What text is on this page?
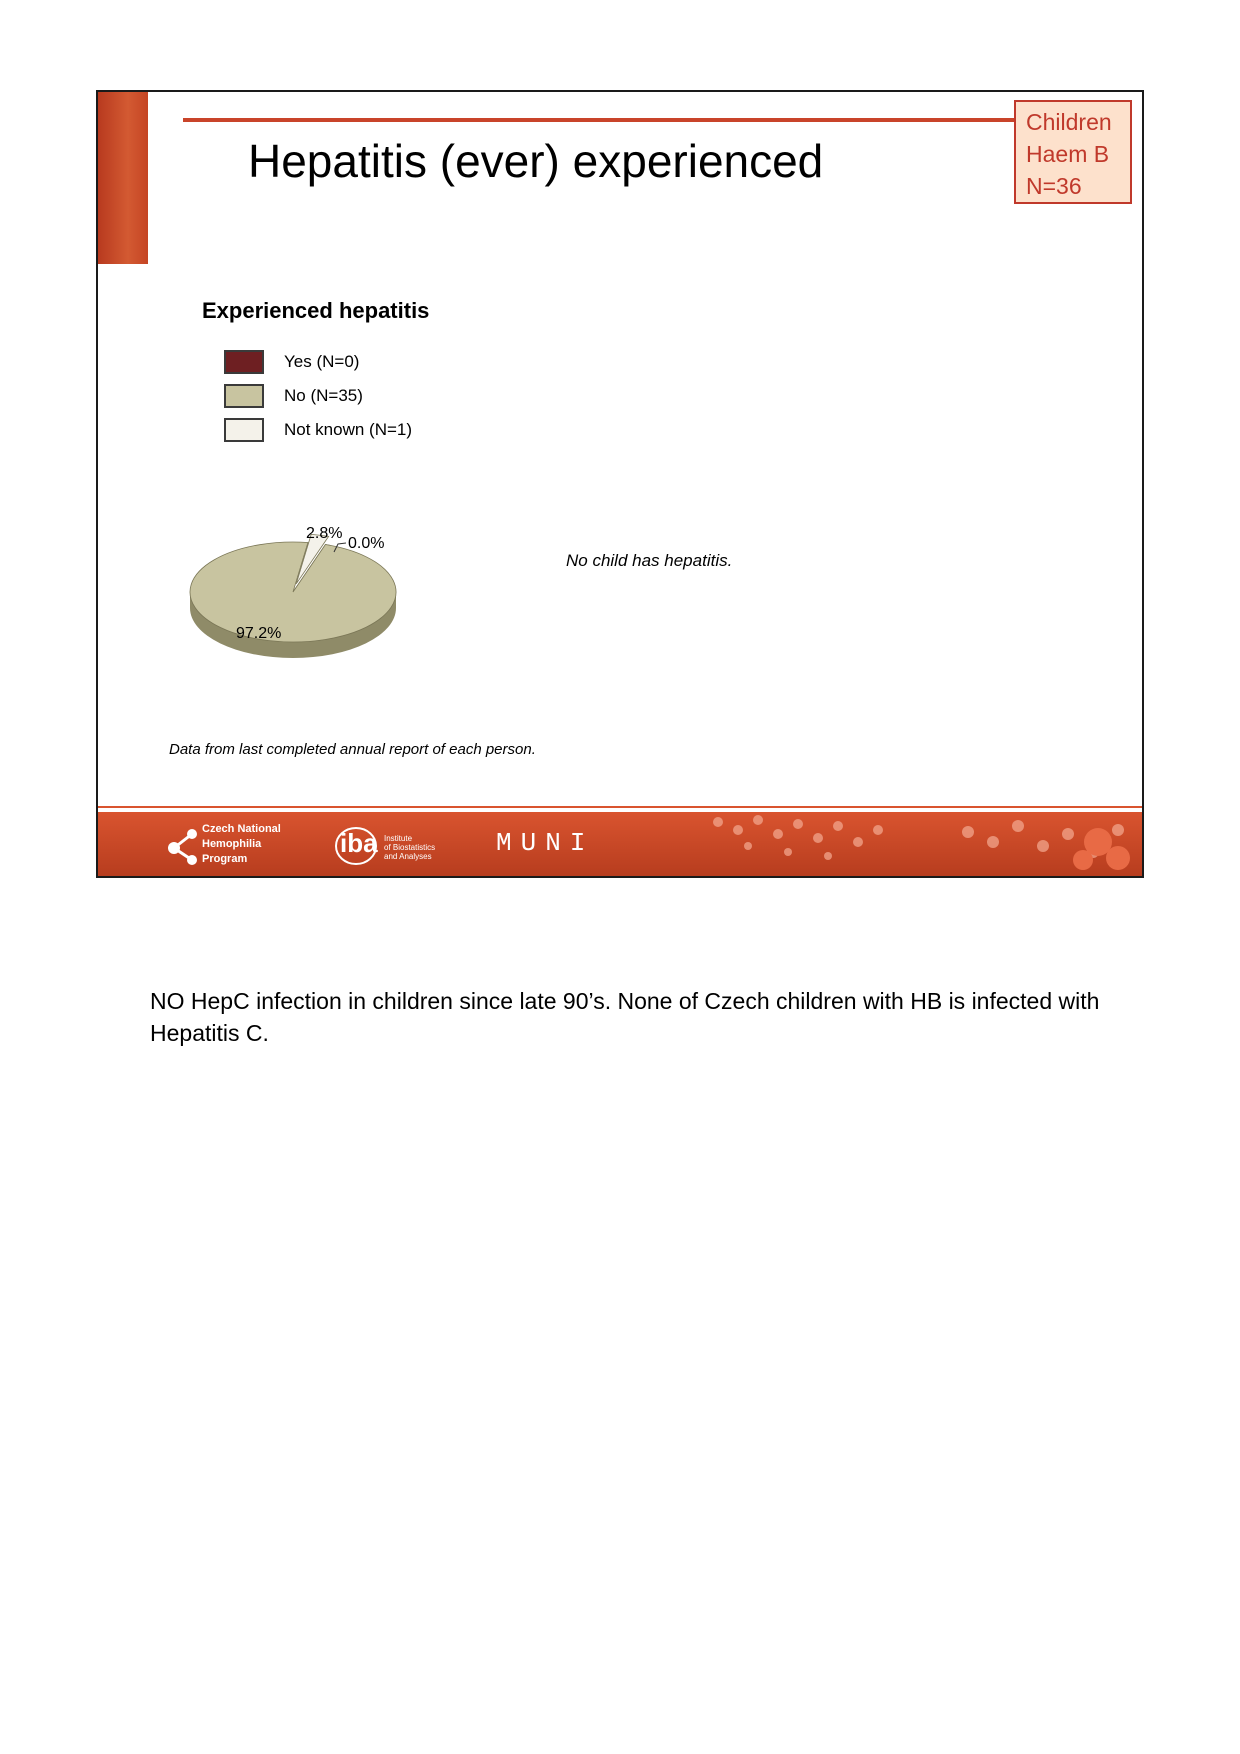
Hepatitis (ever) experienced
Children
Haem B
N=36
Experienced hepatitis
Yes (N=0)
No (N=35)
Not known (N=1)
0.0%
97.2%
2.8%
No child has hepatitis.
Data from last completed annual report of each person.
Czech National
Hemophilia
Program
iba Institute
of Biostatistics
and Analyses MUNI
NO HepC infection in children since late 90’s. None of Czech children with HB is infected with Hepatitis C.
